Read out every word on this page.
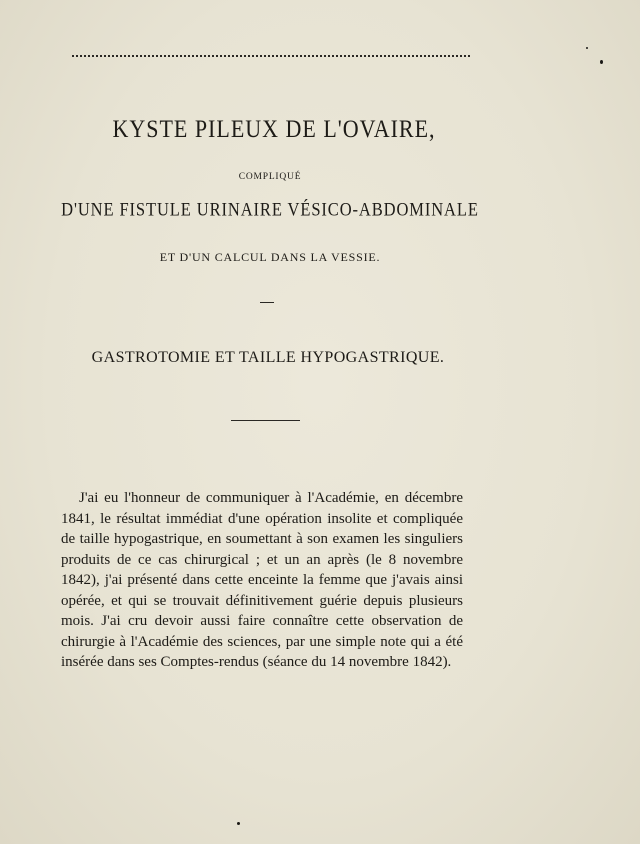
KYSTE PILEUX DE L'OVAIRE,
COMPLIQUÉ
D'UNE FISTULE URINAIRE VÉSICO-ABDOMINALE
ET D'UN CALCUL DANS LA VESSIE.
GASTROTOMIE ET TAILLE HYPOGASTRIQUE.

J'ai eu l'honneur de communiquer à l'Académie, en décembre 1841, le résultat immédiat d'une opération insolite et compliquée de taille hypogastrique, en soumettant à son examen les singuliers produits de ce cas chirurgical ; et un an après (le 8 novembre 1842), j'ai présenté dans cette enceinte la femme que j'avais ainsi opérée, et qui se trouvait définitivement guérie depuis plusieurs mois. J'ai cru devoir aussi faire connaître cette observation de chirurgie à l'Académie des sciences, par une simple note qui a été insérée dans ses Comptes-rendus (séance du 14 novembre 1842).
